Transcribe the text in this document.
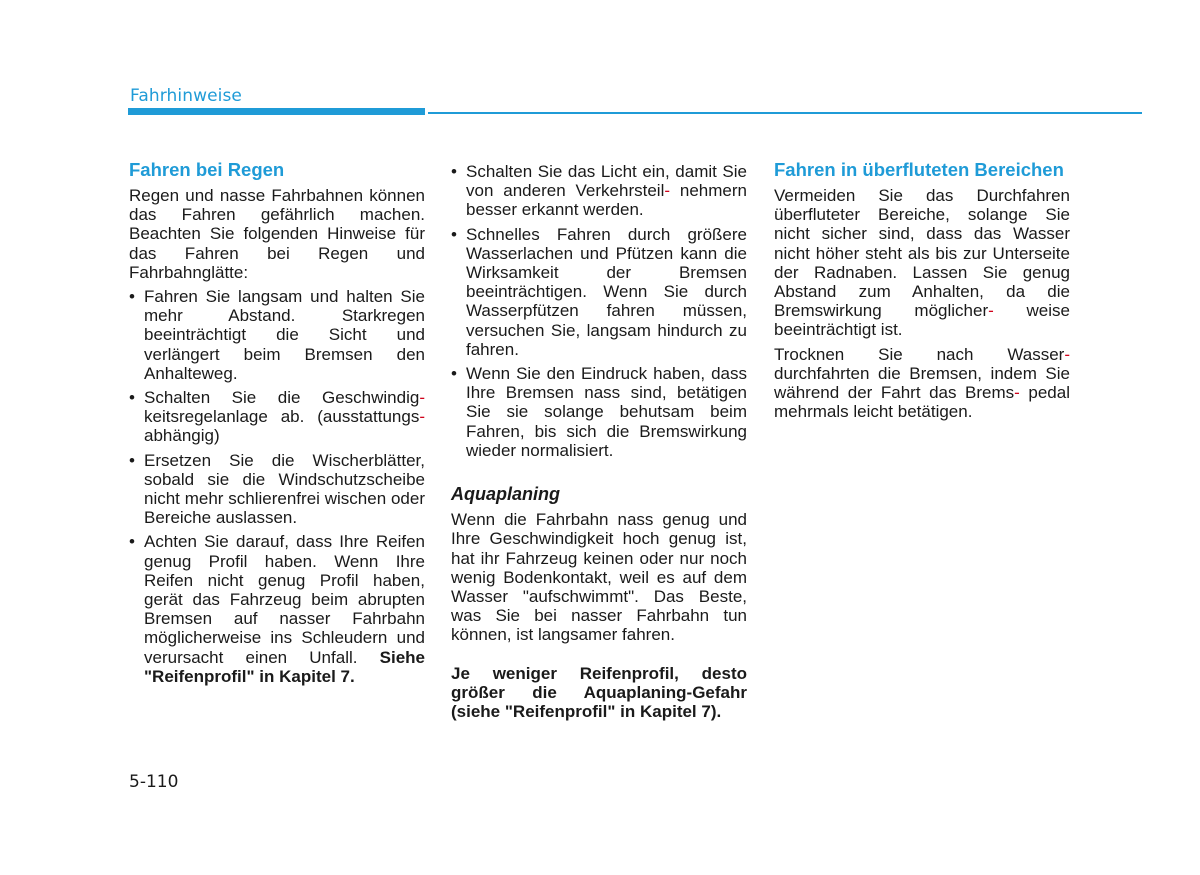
Fahrhinweise
Fahren bei Regen

Regen und nasse Fahrbahnen können das Fahren gefährlich machen. Beachten Sie folgenden Hinweise für das Fahren bei Regen und Fahrbahnglätte:

• Fahren Sie langsam und halten Sie mehr Abstand. Starkregen beeinträchtigt die Sicht und verlängert beim Bremsen den Anhalteweg.
• Schalten Sie die Geschwindig- keitsregelanlage ab. (ausstattungs- abhängig)
• Ersetzen Sie die Wischerblätter, sobald sie die Windschutzscheibe nicht mehr schlierenfrei wischen oder Bereiche auslassen.
• Achten Sie darauf, dass Ihre Reifen genug Profil haben. Wenn Ihre Reifen nicht genug Profil haben, gerät das Fahrzeug beim abrupten Bremsen auf nasser Fahrbahn möglicherweise ins Schleudern und verursacht einen Unfall. Siehe "Reifenprofil" in Kapitel 7.
• Schalten Sie das Licht ein, damit Sie von anderen Verkehrsteil- nehmern besser erkannt werden.
• Schnelles Fahren durch größere Wasserlachen und Pfützen kann die Wirksamkeit der Bremsen beeinträchtigen. Wenn Sie durch Wasserpfützen fahren müssen, versuchen Sie, langsam hindurch zu fahren.
• Wenn Sie den Eindruck haben, dass Ihre Bremsen nass sind, betätigen Sie sie solange behutsam beim Fahren, bis sich die Bremswirkung wieder normalisiert.
Aquaplaning

Wenn die Fahrbahn nass genug und Ihre Geschwindigkeit hoch genug ist, hat ihr Fahrzeug keinen oder nur noch wenig Bodenkontakt, weil es auf dem Wasser "aufschwimmt". Das Beste, was Sie bei nasser Fahrbahn tun können, ist langsamer fahren.

Je weniger Reifenprofil, desto größer die Aquaplaning-Gefahr (siehe "Reifenprofil" in Kapitel 7).

Fahren in überfluteten Bereichen

Vermeiden Sie das Durchfahren überfluteter Bereiche, solange Sie nicht sicher sind, dass das Wasser nicht höher steht als bis zur Unterseite der Radnaben. Lassen Sie genug Abstand zum Anhalten, da die Bremswirkung möglicher- weise beeinträchtigt ist.

Trocknen Sie nach Wasser- durchfahrten die Bremsen, indem Sie während der Fahrt das Brems- pedal mehrmals leicht betätigen.

5-110
